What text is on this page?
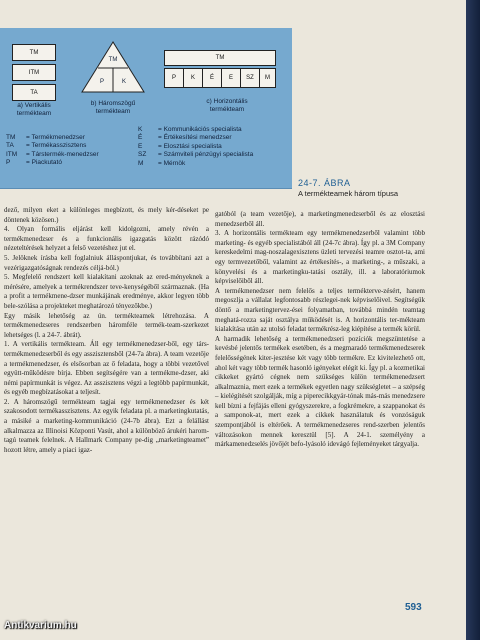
TM
ITM
TA
a) Vertikális termékteam
TM
P	K
b) Háromszögű termékteam
TM
P	K	É	E	SZ	M
c) Horizontális termékteam
TM	= Termékmenedzser
TA	= Termékasszisztens
ITM	= Társtermék-menedzser
P	= Piackutató
K	= Kommunikációs specialista
É	= Értékesítési menedzser
E	= Elosztási specialista
SZ	= Számviteli pénzügyi specialista
M	= Mérnök
24-7. ÁBRA
A termékteamek három típusa

dező, milyen eket a különleges megbízott, és mely kér-déseket pe döntenek közösen.)

4. Olyan formális eljárást kell kidolgozni, amely révén a termékmenedzser és a funkcionális igazgatás között rázódó nézeteltérések helyzet a felső vezetéshez jut el.

5. Jelöknek írásba kell foglalniuk álláspontjukat, és továbbítani azt a vezérigazgatóságnak rendezés céljá-ból.)

5. Megfelelő rendszert kell kialakítani azoknak az ered-ményeknek a mérésére, amelyek a termékrendszer teve-kenységéből származnak. (Ha a profit a termékmene-dzser munkájának eredménye, akkor legyen több bele-szólása a projekteket meghatározó tényezőkbe.)

Egy másik lehetőség az ún. termékteamek létrehozása. A termékmenedzseres rendszerben háromféle termék-team-szerkezet lehetséges (l. a 24-7. ábrát).

1. A vertikális termékteam. Áll egy termékmenedzser-ből, egy társ-termékmenedzserből és egy asszisztensből (24-7a ábra). A team vezetője a termékmenedzser, és elsősorban az ő feladata, hogy a többi vezetővel együtt-működésre bírja. Ebben segítségére van a termékme-dzser, aki némi papírmunkát is végez. Az asszisztens végzi a legtöbb papírmunkát, és egyéb megbízatásokat a teljesít.

2. A háromszögű termékteam tagjai egy termékmenedzser és két szakosodott termékasszisztens. Az egyik feladata pl. a marketingkutatás, a másiké a marketing-kommunikáció (24-7b ábra). Ezt a felállást alkalmazza az Illinoisi Központi Vasút, ahol a különböző árukéri harom-tagú teamek felelnek. A Hallmark Company pe-dig „marketingteamet” hozott létre, amely a piaci igaz-

gatóból (a team vezetője), a marketingmenedzserből és az elosztási menedzserből áll.

3. A horizontális termékteam egy termékmenedzserből valamint több marketing- és egyéb specialistából áll (24-7c ábra). Így pl. a 3M Company kereskedelmi mag-noszalagexisztens üzleti tervezési teamre osztot-ta, ami egy termvezetőből, valamint az értékesítés-, a marketing-, a műszaki, a könyvelési és a marketingku-tatási osztály, ill. a laboratóriumok képviselőiből áll.

A termékmenedzser nem felelős a teljes termékterve-zésért, hanem megoszlja a vállalat legfontosabb részlegei-nek képviselőivel. Segítségük döntő a marketingtervez-ései folyamatban, továbbá mindén teamtag meghatá-rozza saját osztálya működését is. A horizontális ter-mékteam kialakítása után az utolsó feladat termékrész-leg kiépítése a termék körül.

A harmadik lehetőség a termékmenedzseri pozíciók megszüntetése a kevésbé jelentős termékek esetében, és a megmaradó termékmenedzserek felelősségének kiter-jesztése két vagy több termékre. Ez kivitelezhető ott, ahol két vagy több termék hasonló igényeket elégít ki. Így pl. a kozmetikai cikkeket gyártó cégnek nem szükséges külön termékmenedzsert alkalmaznia, mert ezek a termékek egyetlen nagy szükségletet – a szépség – kielégítését szolgálják, míg a piperecikkgyár-tónak más-más menedzsere kell bízni a fejfájás elleni gyógyszerekre, a fogkrémekre, a szappanokat és a samponok-at, mert ezek a cikkek használatuk és vonzóságuk szempontjából is eltérőek. A termékmenedzseres rend-szerben jelentős változásokon mennek keresztül [5]. A 24-1. személyény a márkamenedzselés jövőjét befo-lyásoló idevágó fejleményeket tárgyalja.

593
Antikvarium.hu
